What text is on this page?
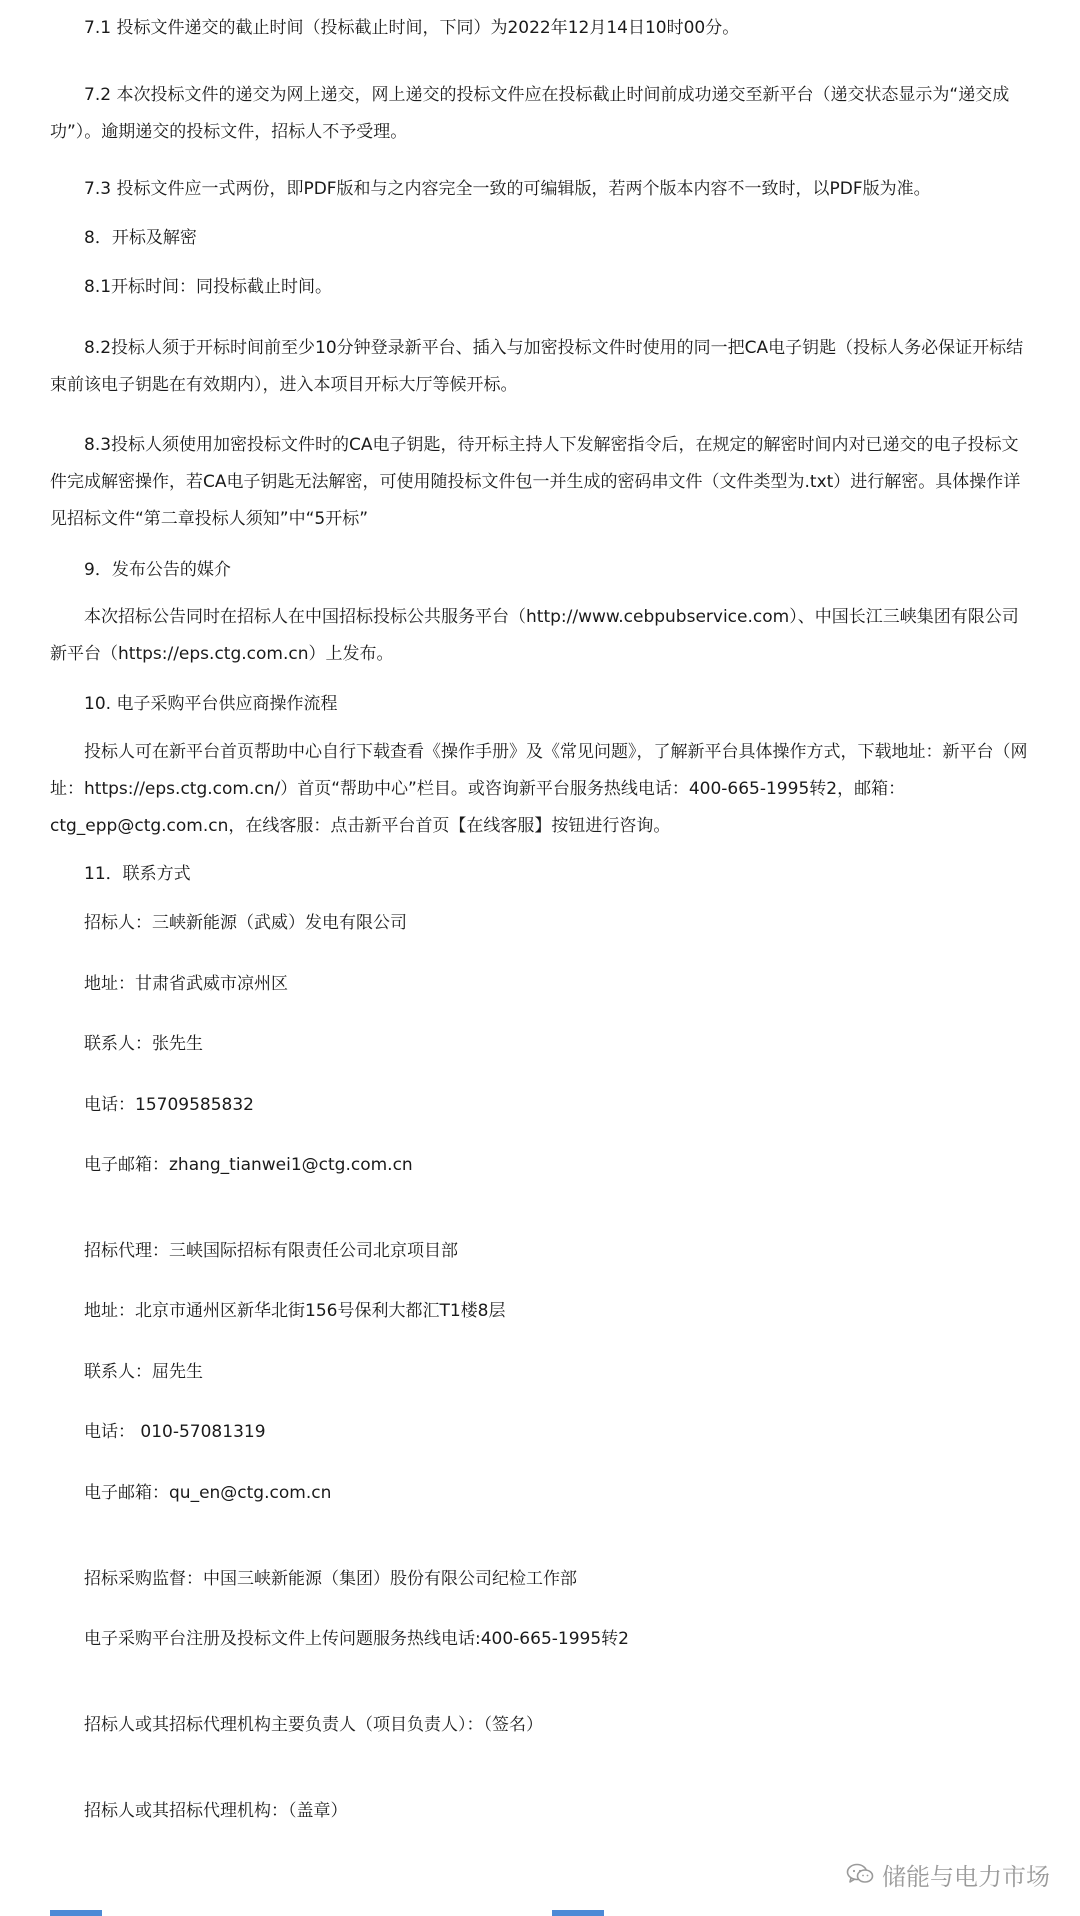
7.1 投标文件递交的截止时间（投标截止时间，下同）为2022年12月14日10时00分。

7.2 本次投标文件的递交为网上递交，网上递交的投标文件应在投标截止时间前成功递交至新平台（递交状态显示为“递交成功”）。逾期递交的投标文件，招标人不予受理。

7.3 投标文件应一式两份，即PDF版和与之内容完全一致的可编辑版，若两个版本内容不一致时，以PDF版为准。

8．开标及解密

8.1开标时间：同投标截止时间。

8.2投标人须于开标时间前至少10分钟登录新平台、插入与加密投标文件时使用的同一把CA电子钥匙（投标人务必保证开标结束前该电子钥匙在有效期内），进入本项目开标大厅等候开标。

8.3投标人须使用加密投标文件时的CA电子钥匙，待开标主持人下发解密指令后，在规定的解密时间内对已递交的电子投标文件完成解密操作，若CA电子钥匙无法解密，可使用随投标文件包一并生成的密码串文件（文件类型为.txt）进行解密。具体操作详见招标文件“第二章投标人须知”中“5开标”

9．发布公告的媒介

本次招标公告同时在招标人在中国招标投标公共服务平台（http://www.cebpubservice.com）、中国长江三峡集团有限公司新平台（https://eps.ctg.com.cn）上发布。

10. 电子采购平台供应商操作流程

投标人可在新平台首页帮助中心自行下载查看《操作手册》及《常见问题》，了解新平台具体操作方式，下载地址：新平台（网址：https://eps.ctg.com.cn/）首页“帮助中心”栏目。或咨询新平台服务热线电话：400-665-1995转2，邮箱：ctg_epp@ctg.com.cn，在线客服：点击新平台首页【在线客服】按钮进行咨询。

11．联系方式

招标人：三峡新能源（武威）发电有限公司

地址：甘肃省武威市凉州区

联系人：张先生

电话：15709585832

电子邮箱：zhang_tianwei1@ctg.com.cn

招标代理：三峡国际招标有限责任公司北京项目部

地址：北京市通州区新华北街156号保利大都汇T1楼8层

联系人：屈先生

电话： 010-57081319

电子邮箱：qu_en@ctg.com.cn

招标采购监督：中国三峡新能源（集团）股份有限公司纪检工作部

电子采购平台注册及投标文件上传问题服务热线电话:400-665-1995转2

招标人或其招标代理机构主要负责人（项目负责人）：（签名）

招标人或其招标代理机构：（盖章）

储能与电力市场
